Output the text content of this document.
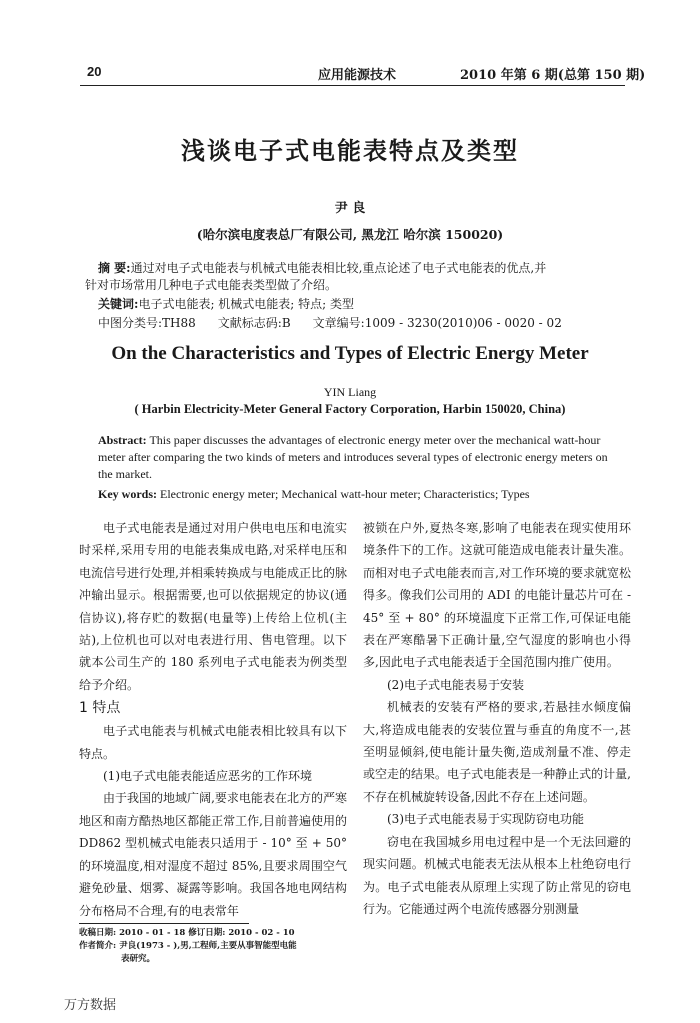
20	应用能源技术	2010 年第 6 期(总第 150 期)
浅谈电子式电能表特点及类型
尹 良
(哈尔滨电度表总厂有限公司, 黑龙江 哈尔滨 150020)
摘 要:通过对电子式电能表与机械式电能表相比较,重点论述了电子式电能表的优点,并
针对市场常用几种电子式电能表类型做了介绍。
关键词:电子式电能表; 机械式电能表; 特点; 类型
中图分类号:TH88 文献标志码:B 文章编号:1009 - 3230(2010)06 - 0020 - 02
On the Characteristics and Types of Electric Energy Meter
YIN Liang
( Harbin Electricity-Meter General Factory Corporation, Harbin 150020, China)
Abstract: This paper discusses the advantages of electronic energy meter over the mechanical watt-hour meter after comparing the two kinds of meters and introduces several types of electronic energy meters on the market.
Key words: Electronic energy meter; Mechanical watt-hour meter; Characteristics; Types

电子式电能表是通过对用户供电电压和电流实时采样,采用专用的电能表集成电路,对采样电压和电流信号进行处理,并相乘转换成与电能成正比的脉冲输出显示。根据需要,也可以依据规定的协议(通信协议),将存贮的数据(电量等)上传给上位机(主站),上位机也可以对电表进行用、售电管理。以下就本公司生产的 180 系列电子式电能表为例类型给予介绍。

1 特点

电子式电能表与机械式电能表相比较具有以下特点。

(1)电子式电能表能适应恶劣的工作环境

由于我国的地域广阔,要求电能表在北方的严寒地区和南方酷热地区都能正常工作,目前普遍使用的 DD862 型机械式电能表只适用于 - 10° 至 + 50°的环境温度,相对湿度不超过 85%,且要求周围空气避免砂量、烟雾、凝露等影响。我国各地电网结构分布格局不合理,有的电表常年

被锁在户外,夏热冬寒,影响了电能表在现实使用环境条件下的工作。这就可能造成电能表计量失准。而相对电子式电能表而言,对工作环境的要求就宽松得多。像我们公司用的 ADI 的电能计量芯片可在 - 45° 至 + 80° 的环境温度下正常工作,可保证电能表在严寒酷暑下正确计量,空气湿度的影响也小得多,因此电子式电能表适于全国范围内推广使用。

(2)电子式电能表易于安装

机械表的安装有严格的要求,若悬挂水倾度偏大,将造成电能表的安装位置与垂直的角度不一,甚至明显倾斜,使电能计量失衡,造成剂量不准、停走或空走的结果。电子式电能表是一种静止式的计量,不存在机械旋转设备,因此不存在上述问题。

(3)电子式电能表易于实现防窃电功能

窃电在我国城乡用电过程中是一个无法回避的现实问题。机械式电能表无法从根本上杜绝窃电行为。电子式电能表从原理上实现了防止常见的窃电行为。它能通过两个电流传感器分别测量

收稿日期: 2010 - 01 - 18 修订日期: 2010 - 02 - 10
作者简介: 尹良(1973 - ),男,工程师,主要从事智能型电能
表研究。
万方数据
